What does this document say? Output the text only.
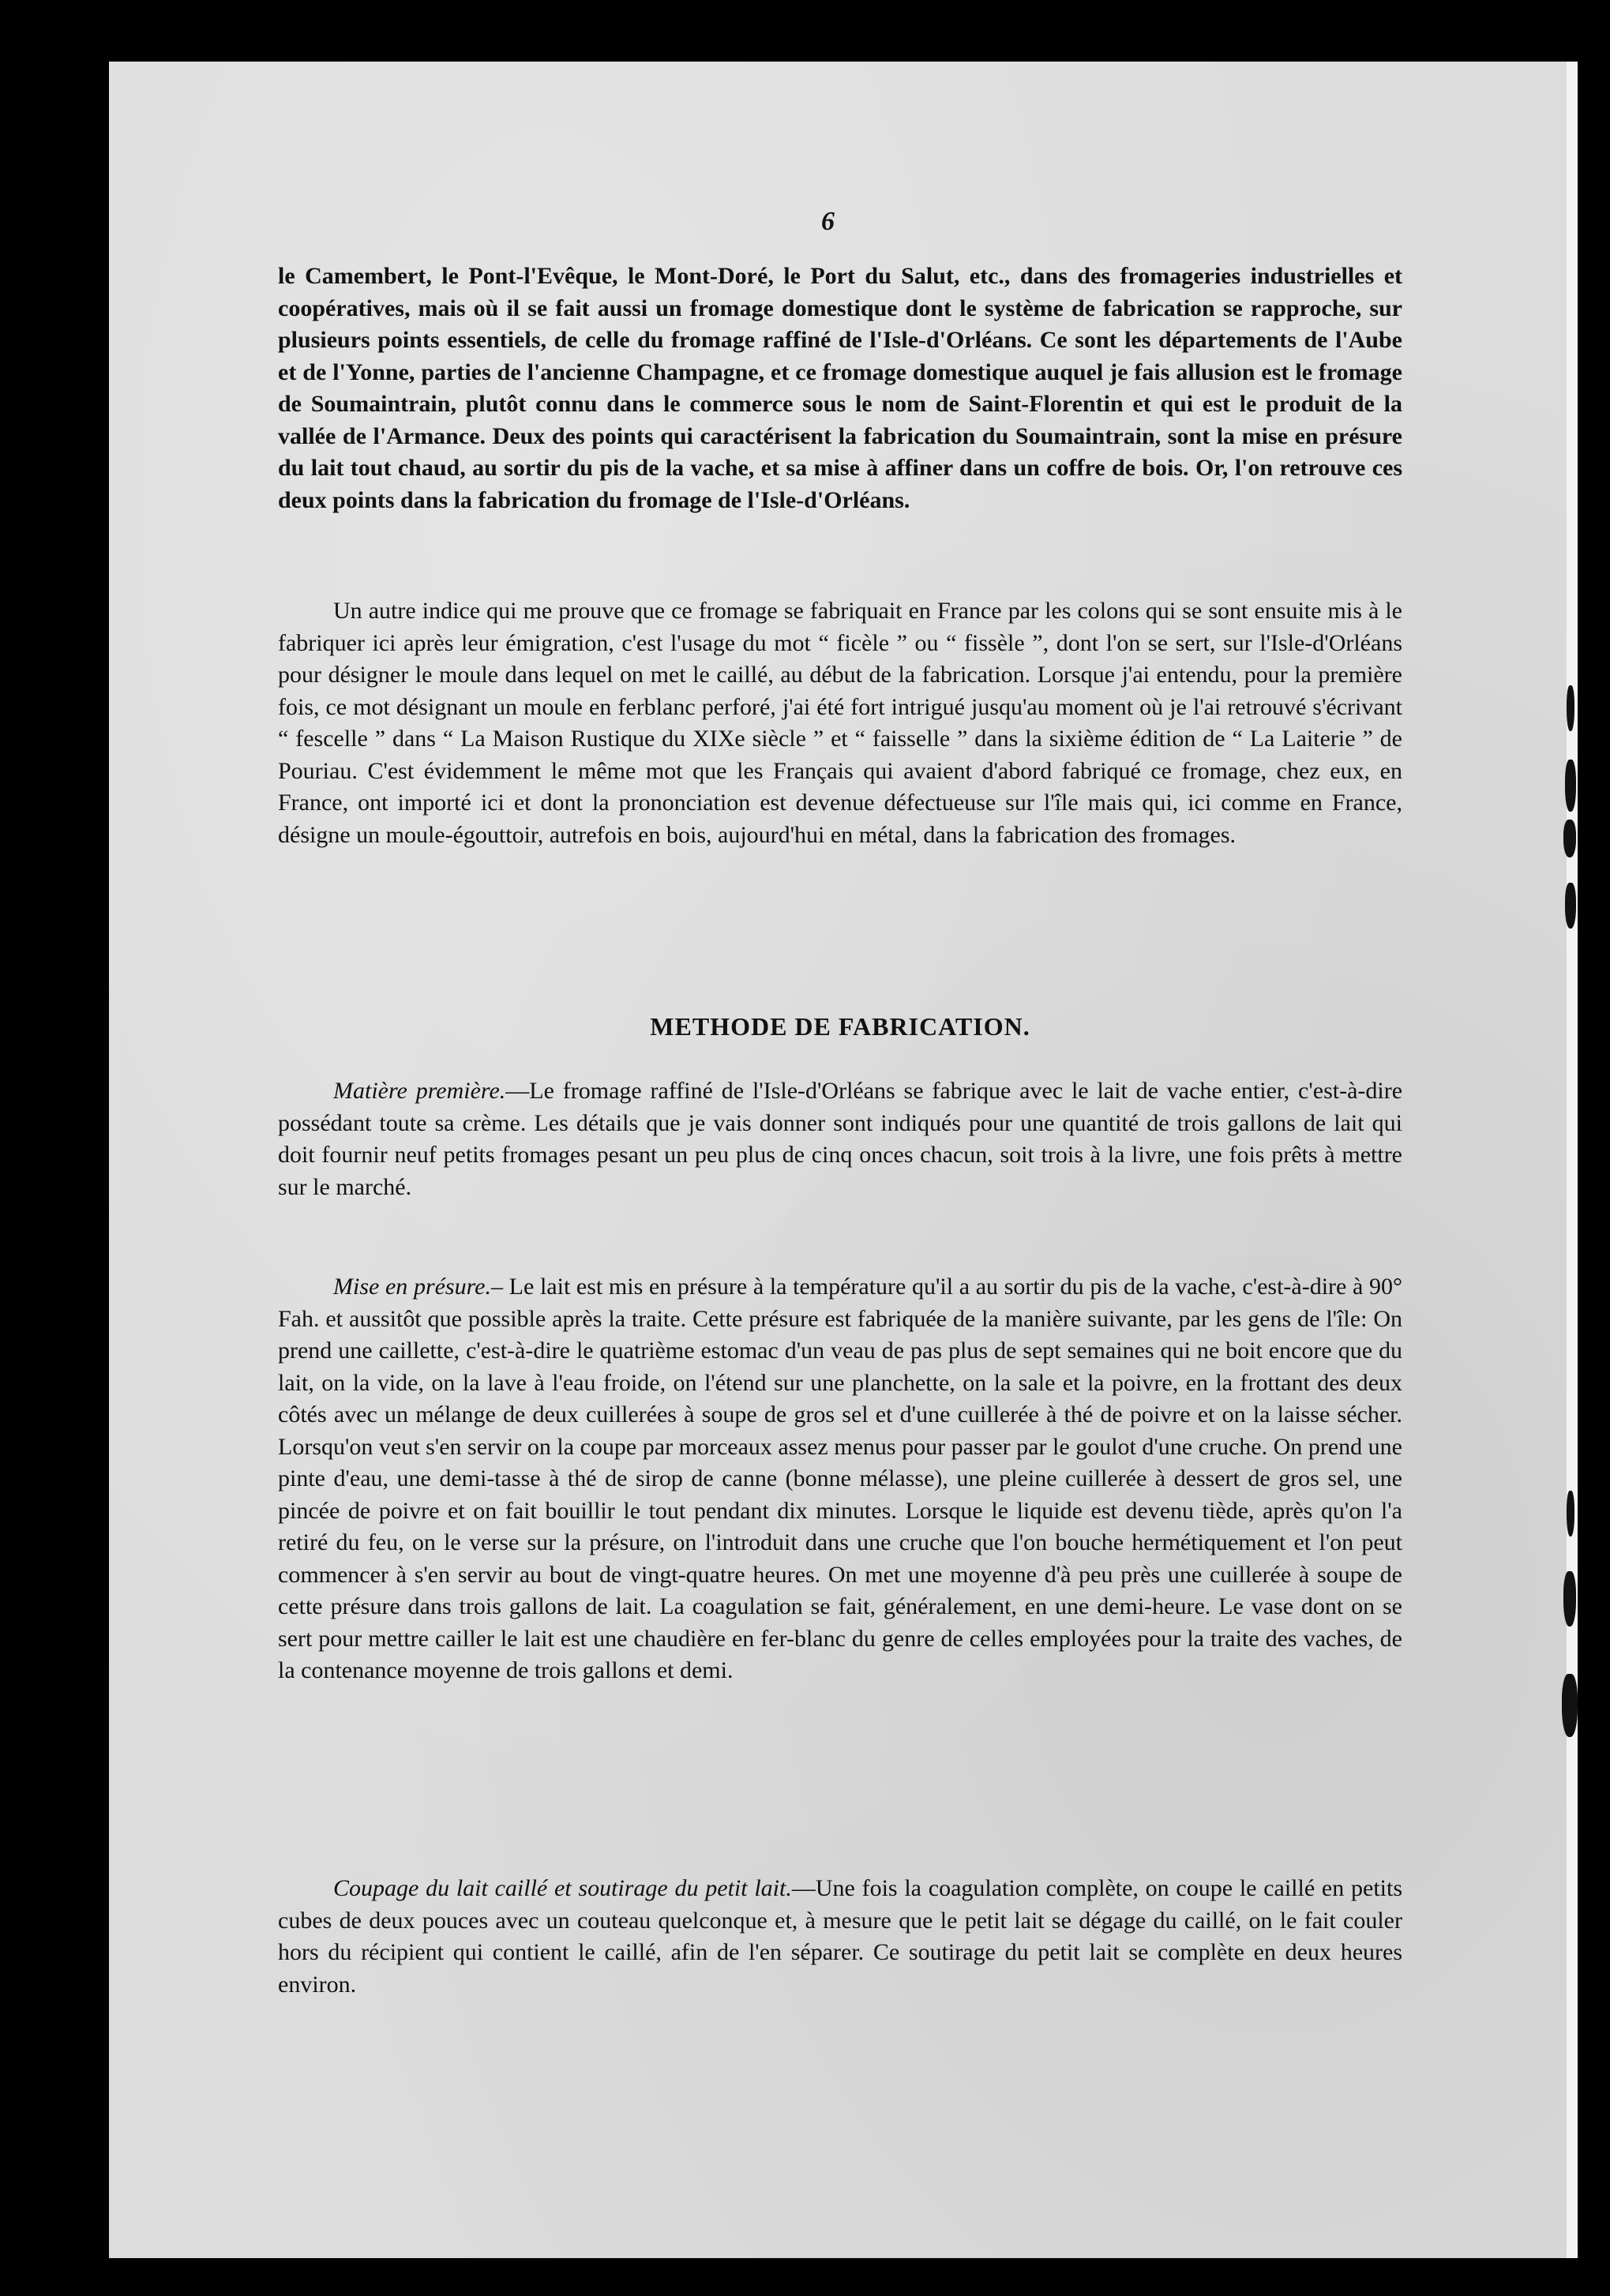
6

le Camembert, le Pont-l'Evêque, le Mont-Doré, le Port du Salut, etc., dans des fromageries industrielles et coopératives, mais où il se fait aussi un fromage domestique dont le système de fabrication se rapproche, sur plusieurs points essentiels, de celle du fromage raffiné de l'Isle-d'Orléans. Ce sont les départements de l'Aube et de l'Yonne, parties de l'ancienne Champagne, et ce fromage domestique auquel je fais allusion est le fromage de Soumaintrain, plutôt connu dans le commerce sous le nom de Saint-Florentin et qui est le produit de la vallée de l'Armance. Deux des points qui caractérisent la fabrication du Soumaintrain, sont la mise en présure du lait tout chaud, au sortir du pis de la vache, et sa mise à affiner dans un coffre de bois. Or, l'on retrouve ces deux points dans la fabrication du fromage de l'Isle-d'Orléans.

Un autre indice qui me prouve que ce fromage se fabriquait en France par les colons qui se sont ensuite mis à le fabriquer ici après leur émigration, c'est l'usage du mot “ ficèle ” ou “ fissèle ”, dont l'on se sert, sur l'Isle-d'Orléans pour désigner le moule dans lequel on met le caillé, au début de la fabrication. Lorsque j'ai entendu, pour la première fois, ce mot désignant un moule en ferblanc perforé, j'ai été fort intrigué jusqu'au moment où je l'ai retrouvé s'écrivant “ fescelle ” dans “ La Maison Rustique du XIXe siècle ” et “ faisselle ” dans la sixième édition de “ La Laiterie ” de Pouriau. C'est évidemment le même mot que les Français qui avaient d'abord fabriqué ce fromage, chez eux, en France, ont importé ici et dont la prononciation est devenue défectueuse sur l'île mais qui, ici comme en France, désigne un moule-égouttoir, autrefois en bois, aujourd'hui en métal, dans la fabrication des fromages.

METHODE DE FABRICATION.

Matière première.—Le fromage raffiné de l'Isle-d'Orléans se fabrique avec le lait de vache entier, c'est-à-dire possédant toute sa crème. Les détails que je vais donner sont indiqués pour une quantité de trois gallons de lait qui doit fournir neuf petits fromages pesant un peu plus de cinq onces chacun, soit trois à la livre, une fois prêts à mettre sur le marché.

Mise en présure.– Le lait est mis en présure à la température qu'il a au sortir du pis de la vache, c'est-à-dire à 90° Fah. et aussitôt que possible après la traite. Cette présure est fabriquée de la manière suivante, par les gens de l'île: On prend une caillette, c'est-à-dire le quatrième estomac d'un veau de pas plus de sept semaines qui ne boit encore que du lait, on la vide, on la lave à l'eau froide, on l'étend sur une planchette, on la sale et la poivre, en la frottant des deux côtés avec un mélange de deux cuillerées à soupe de gros sel et d'une cuillerée à thé de poivre et on la laisse sécher. Lorsqu'on veut s'en servir on la coupe par morceaux assez menus pour passer par le goulot d'une cruche. On prend une pinte d'eau, une demi-tasse à thé de sirop de canne (bonne mélasse), une pleine cuillerée à dessert de gros sel, une pincée de poivre et on fait bouillir le tout pendant dix minutes. Lorsque le liquide est devenu tiède, après qu'on l'a retiré du feu, on le verse sur la présure, on l'introduit dans une cruche que l'on bouche hermétiquement et l'on peut commencer à s'en servir au bout de vingt-quatre heures. On met une moyenne d'à peu près une cuillerée à soupe de cette présure dans trois gallons de lait. La coagulation se fait, généralement, en une demi-heure. Le vase dont on se sert pour mettre cailler le lait est une chaudière en fer-blanc du genre de celles employées pour la traite des vaches, de la contenance moyenne de trois gallons et demi.

Coupage du lait caillé et soutirage du petit lait.—Une fois la coagulation complète, on coupe le caillé en petits cubes de deux pouces avec un couteau quelconque et, à mesure que le petit lait se dégage du caillé, on le fait couler hors du récipient qui contient le caillé, afin de l'en séparer. Ce soutirage du petit lait se complète en deux heures environ.
